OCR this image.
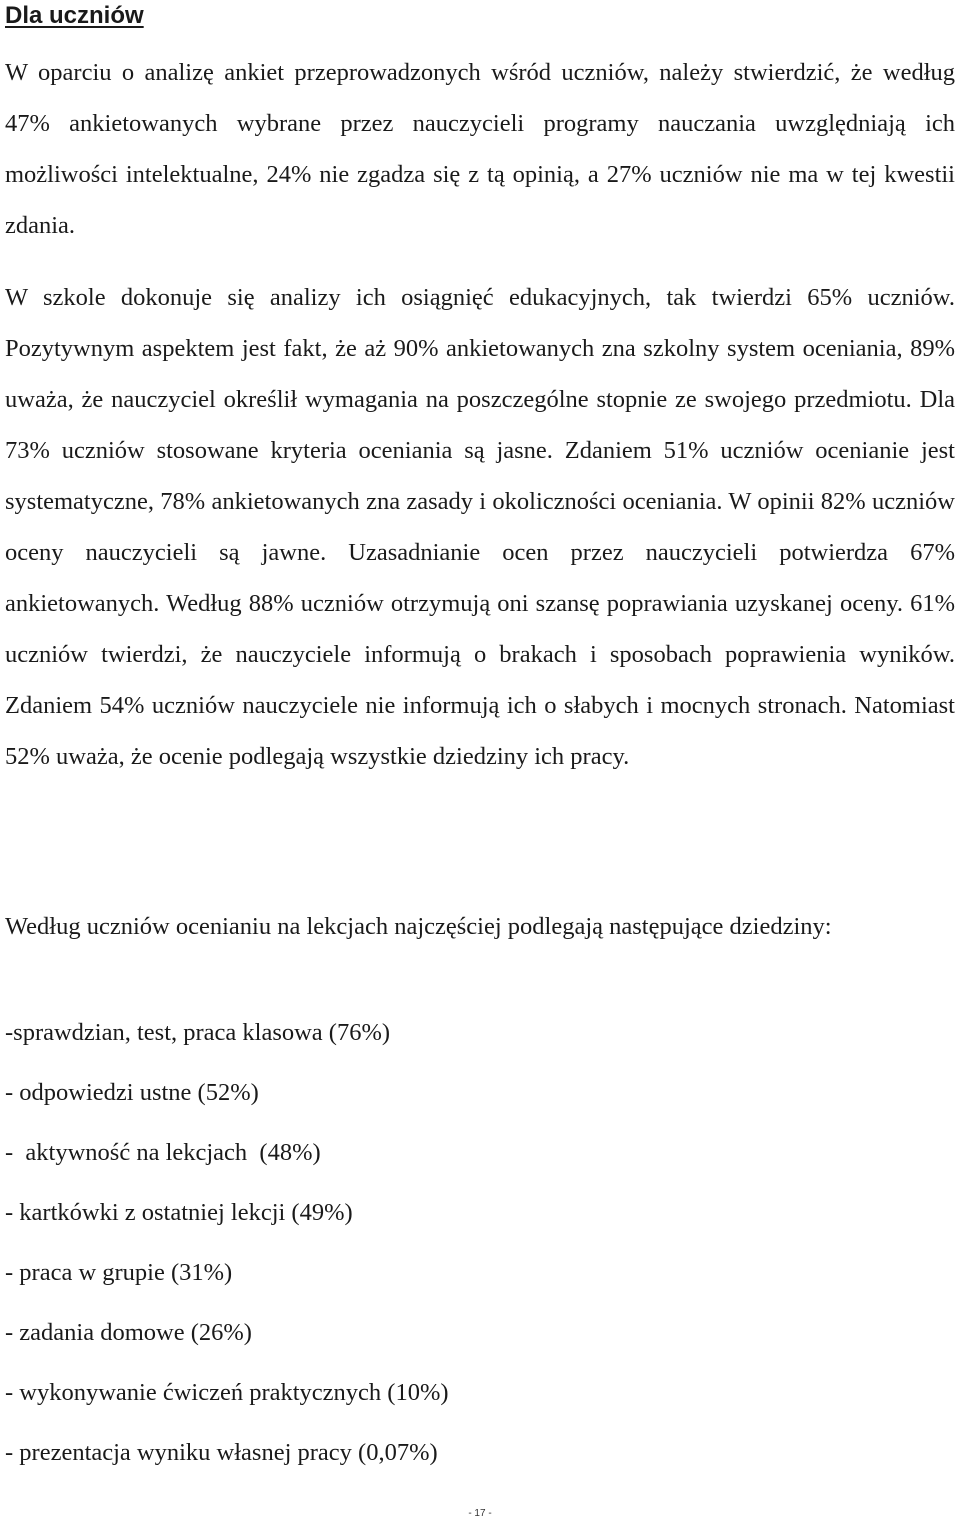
Dla uczniów

W oparciu o analizę ankiet przeprowadzonych wśród uczniów, należy stwierdzić, że według 47% ankietowanych wybrane przez nauczycieli programy nauczania uwzględniają ich możliwości intelektualne, 24% nie zgadza się z tą opinią, a 27% uczniów nie ma w tej kwestii zdania.

W szkole dokonuje się analizy ich osiągnięć edukacyjnych, tak twierdzi 65% uczniów. Pozytywnym aspektem jest fakt, że aż 90% ankietowanych zna szkolny system oceniania, 89% uważa, że nauczyciel określił wymagania na poszczególne stopnie ze swojego przedmiotu. Dla 73% uczniów stosowane kryteria oceniania są jasne. Zdaniem 51% uczniów ocenianie jest systematyczne, 78% ankietowanych zna zasady i okoliczności oceniania. W opinii 82% uczniów oceny nauczycieli są jawne. Uzasadnianie ocen przez nauczycieli potwierdza 67% ankietowanych. Według 88% uczniów otrzymują oni szansę poprawiania uzyskanej oceny. 61% uczniów twierdzi, że nauczyciele informują o brakach i sposobach poprawienia wyników. Zdaniem 54% uczniów nauczyciele nie informują ich o słabych i mocnych stronach. Natomiast 52% uważa, że ocenie podlegają wszystkie dziedziny ich pracy.

Według uczniów ocenianiu na lekcjach najczęściej podlegają następujące dziedziny:

-sprawdzian, test, praca klasowa (76%)
- odpowiedzi ustne (52%)
-  aktywność na lekcjach  (48%)
- kartkówki z ostatniej lekcji (49%)
- praca w grupie (31%)
- zadania domowe (26%)
- wykonywanie ćwiczeń praktycznych (10%)
- prezentacja wyniku własnej pracy (0,07%)
- 17 -
